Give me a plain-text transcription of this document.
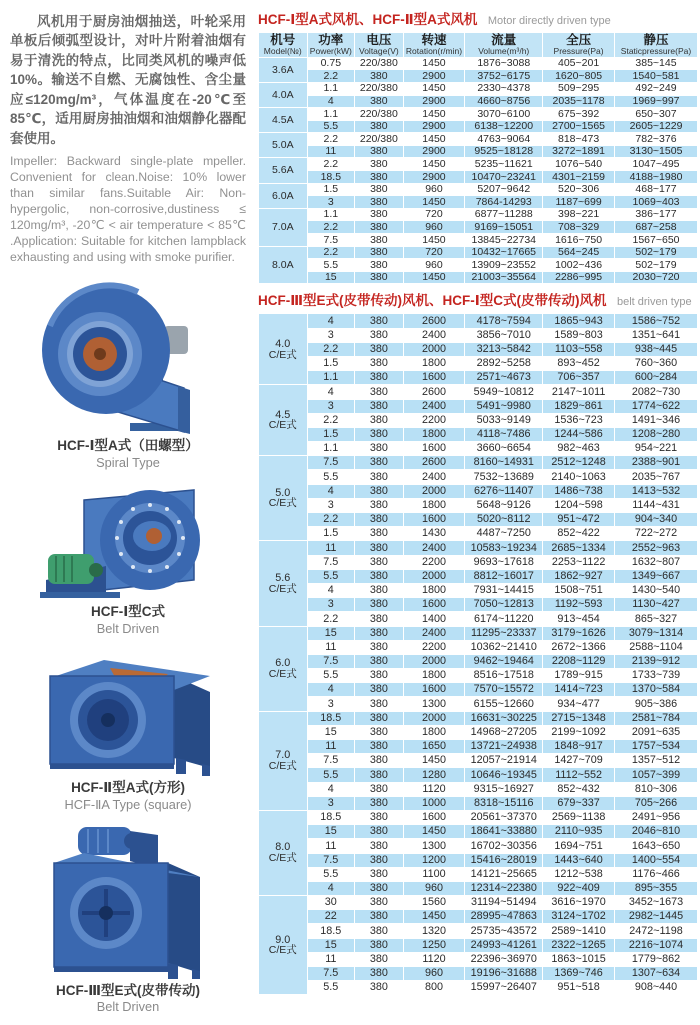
风机用于厨房油烟抽送，叶轮采用单板后倾弧型设计，对叶片附着油烟有易于清洗的特点，比同类风机的噪声低10%。输送不自燃、无腐蚀性、含尘量应≤120mg/m³，气体温度在-20℃至85℃，适用厨房抽油烟和油烟静化器配套使用。

Impeller: Backward single-plate mpeller. Convenient for clean.Noise: 10% lower than similar fans.Suitable Air: Non-hypergolic, non-corrosive,dustiness ≤ 120mg/m³, -20℃ < air temperature < 85℃ .Application: Suitable for kitchen lampblack exhausting and using with smoke purifier.

HCF-Ⅰ型A式（田螺型）
Spiral Type
HCF-Ⅰ型C式
Belt Driven
HCF-Ⅱ型A式(方形)
HCF-ⅡA Type (square)
HCF-Ⅲ型E式(皮带传动)
Belt Driven
HCF-Ⅰ型A式风机、HCF-Ⅱ型A式风机 Motor directly driven type
机号
Model(№)

功率
Power(kW)

电压
Voltage(V)

转速
Rotation(r/min)

流量
Volume(m³/h)

全压
Pressure(Pa)

静压
Staticpressure(Pa)

3.6A	0.75	220/380	1450	1876~3088	405~201	385~145
	2.2	380	2900	3752~6175	1620~805	1540~581

4.0A	1.1	220/380	1450	2330~4378	509~295	492~249
	4	380	2900	4660~8756	2035~1178	1969~997

4.5A	1.1	220/380	1450	3070~6100	675~392	650~307
	5.5	380	2900	6138~12200	2700~1565	2605~1229

5.0A	2.2	220/380	1450	4763~9064	818~473	782~376
	11	380	2900	9525~18128	3272~1891	3130~1505

5.6A	2.2	380	1450	5235~11621	1076~540	1047~495
	18.5	380	2900	10470~23241	4301~2159	4188~1980

6.0A	1.5	380	960	5207~9642	520~306	468~177
	3	380	1450	7864-14293	1187~699	1069~403

7.0A	1.1	380	720	6877~11288	398~221	386~177
	2.2	380	960	9169~15051	708~329	687~258
	7.5	380	1450	13845~22734	1616~750	1567~650

8.0A	2.2	380	720	10432~17665	564~245	502~179
	5.5	380	960	13909~23552	1002~436	502~179
	15	380	1450	21003~35564	2286~995	2030~720
HCF-Ⅲ型E式(皮带传动)风机、HCF-Ⅰ型C式(皮带传动)风机 belt driven type
4.0
C/E式	4	380	2600	4178~7594	1865~943	1586~752
	3	380	2400	3856~7010	1589~803	1351~641
	2.2	380	2000	3213~5842	1103~558	938~445
	1.5	380	1800	2892~5258	893~452	760~360
	1.1	380	1600	2571~4673	706~357	600~284

4.5
C/E式	4	380	2600	5949~10812	2147~1011	2082~730
	3	380	2400	5491~9980	1829~861	1774~622
	2.2	380	2200	5033~9149	1536~723	1491~346
	1.5	380	1800	4118~7486	1244~586	1208~280
	1.1	380	1600	3660~6654	982~463	954~221

5.0
C/E式	7.5	380	2600	8160~14931	2512~1248	2388~901
	5.5	380	2400	7532~13689	2140~1063	2035~767
	4	380	2000	6276~11407	1486~738	1413~532
	3	380	1800	5648~9126	1204~598	1144~431
	2.2	380	1600	5020~8112	951~472	904~340
	1.5	380	1430	4487~7250	852~422	722~272

5.6
C/E式	11	380	2400	10583~19234	2685~1334	2552~963
	7.5	380	2200	9693~17618	2253~1122	1632~807
	5.5	380	2000	8812~16017	1862~927	1349~667
	4	380	1800	7931~14415	1508~751	1430~540
	3	380	1600	7050~12813	1192~593	1130~427
	2.2	380	1400	6174~11220	913~454	865~327

6.0
C/E式	15	380	2400	11295~23337	3179~1626	3079~1314
	11	380	2200	10362~21410	2672~1366	2588~1104
	7.5	380	2000	9462~19464	2208~1129	2139~912
	5.5	380	1800	8516~17518	1789~915	1733~739
	4	380	1600	7570~15572	1414~723	1370~584
	3	380	1300	6155~12660	934~477	905~386

7.0
C/E式	18.5	380	2000	16631~30225	2715~1348	2581~784
	15	380	1800	14968~27205	2199~1092	2091~635
	11	380	1650	13721~24938	1848~917	1757~534
	7.5	380	1450	12057~21914	1427~709	1357~512
	5.5	380	1280	10646~19345	1112~552	1057~399
	4	380	1120	9315~16927	852~432	810~306
	3	380	1000	8318~15116	679~337	705~266

8.0
C/E式	18.5	380	1600	20561~37370	2569~1138	2491~956
	15	380	1450	18641~33880	2110~935	2046~810
	11	380	1300	16702~30356	1694~751	1643~650
	7.5	380	1200	15416~28019	1443~640	1400~554
	5.5	380	1100	14121~25665	1212~538	1176~466
	4	380	960	12314~22380	922~409	895~355

9.0
C/E式	30	380	1560	31194~51494	3616~1970	3452~1673
	22	380	1450	28995~47863	3124~1702	2982~1445
	18.5	380	1320	25735~43572	2589~1410	2472~1198
	15	380	1250	24993~41261	2322~1265	2216~1074
	11	380	1120	22396~36970	1863~1015	1779~862
	7.5	380	960	19196~31688	1369~746	1307~634
	5.5	380	800	15997~26407	951~518	908~440
